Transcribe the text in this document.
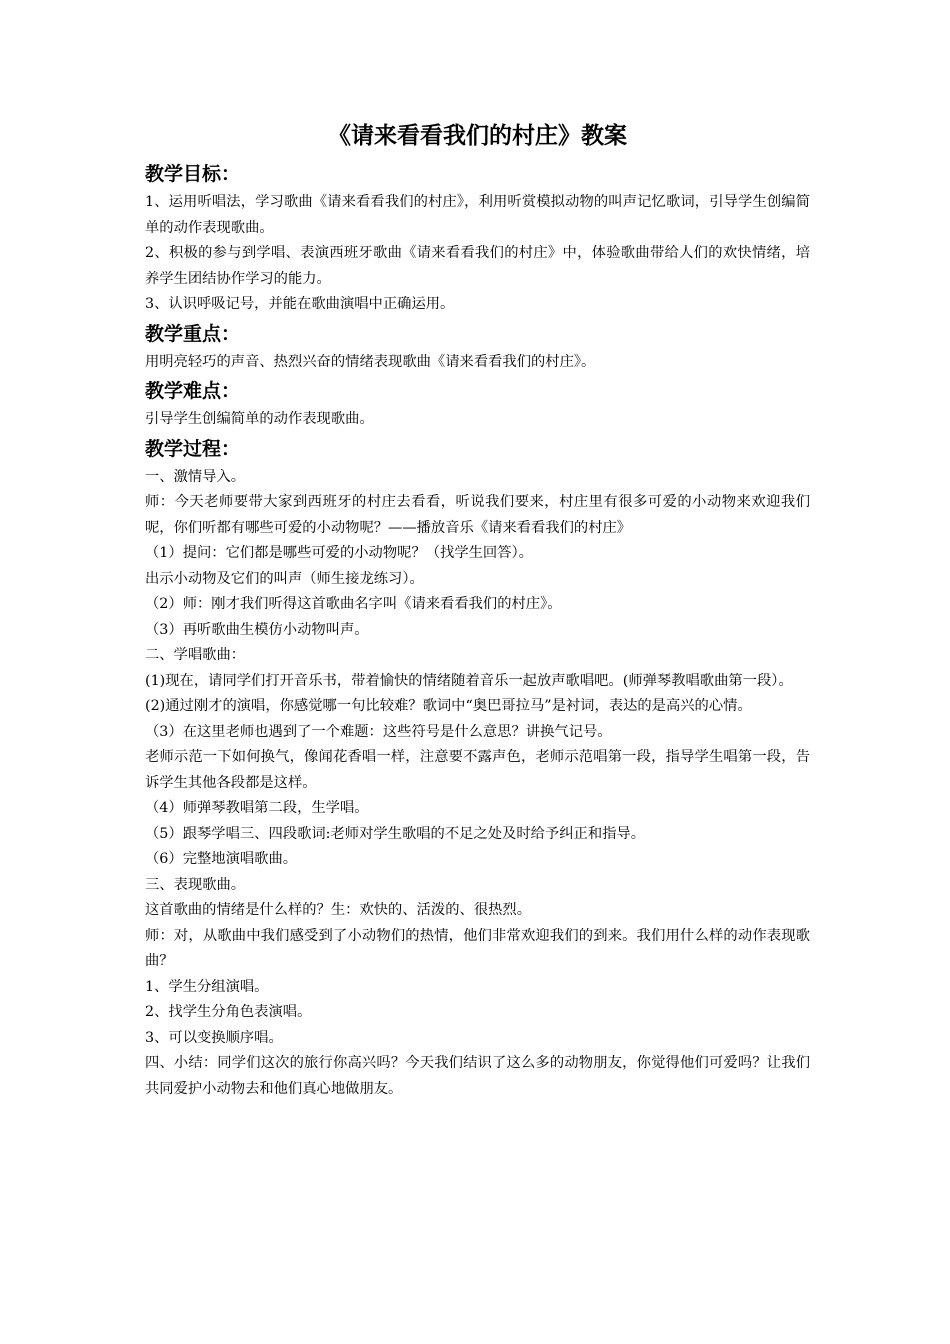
《请来看看我们的村庄》教案
教学目标：

1、运用听唱法，学习歌曲《请来看看我们的村庄》，利用听赏模拟动物的叫声记忆歌词，引导学生创编简单的动作表现歌曲。

2、积极的参与到学唱、表演西班牙歌曲《请来看看我们的村庄》中，体验歌曲带给人们的欢快情绪，培养学生团结协作学习的能力。

3、认识呼吸记号，并能在歌曲演唱中正确运用。

教学重点：

用明亮轻巧的声音、热烈兴奋的情绪表现歌曲《请来看看我们的村庄》。

教学难点：

引导学生创编简单的动作表现歌曲。

教学过程：

一、激情导入。

师：今天老师要带大家到西班牙的村庄去看看，听说我们要来，村庄里有很多可爱的小动物来欢迎我们呢，你们听都有哪些可爱的小动物呢？——播放音乐《请来看看我们的村庄》

（1）提问：它们都是哪些可爱的小动物呢？（找学生回答）。

出示小动物及它们的叫声（师生接龙练习）。

（2）师：刚才我们听得这首歌曲名字叫《请来看看我们的村庄》。

（3）再听歌曲生模仿小动物叫声。

二、学唱歌曲：

(1)现在，请同学们打开音乐书，带着愉快的情绪随着音乐一起放声歌唱吧。(师弹琴教唱歌曲第一段）。

(2)通过刚才的演唱，你感觉哪一句比较难？歌词中“奥巴哥拉马”是衬词，表达的是高兴的心情。

（3）在这里老师也遇到了一个难题：这些符号是什么意思？讲换气记号。

老师示范一下如何换气，像闻花香唱一样，注意要不露声色，老师示范唱第一段，指导学生唱第一段，告诉学生其他各段都是这样。

（4）师弹琴教唱第二段，生学唱。

（5）跟琴学唱三、四段歌词:老师对学生歌唱的不足之处及时给予纠正和指导。

（6）完整地演唱歌曲。

三、表现歌曲。

这首歌曲的情绪是什么样的？生：欢快的、活泼的、很热烈。

师：对，从歌曲中我们感受到了小动物们的热情，他们非常欢迎我们的到来。我们用什么样的动作表现歌曲？

1、学生分组演唱。

2、找学生分角色表演唱。

3、可以变换顺序唱。

四、小结：同学们这次的旅行你高兴吗？今天我们结识了这么多的动物朋友，你觉得他们可爱吗？让我们共同爱护小动物去和他们真心地做朋友。
